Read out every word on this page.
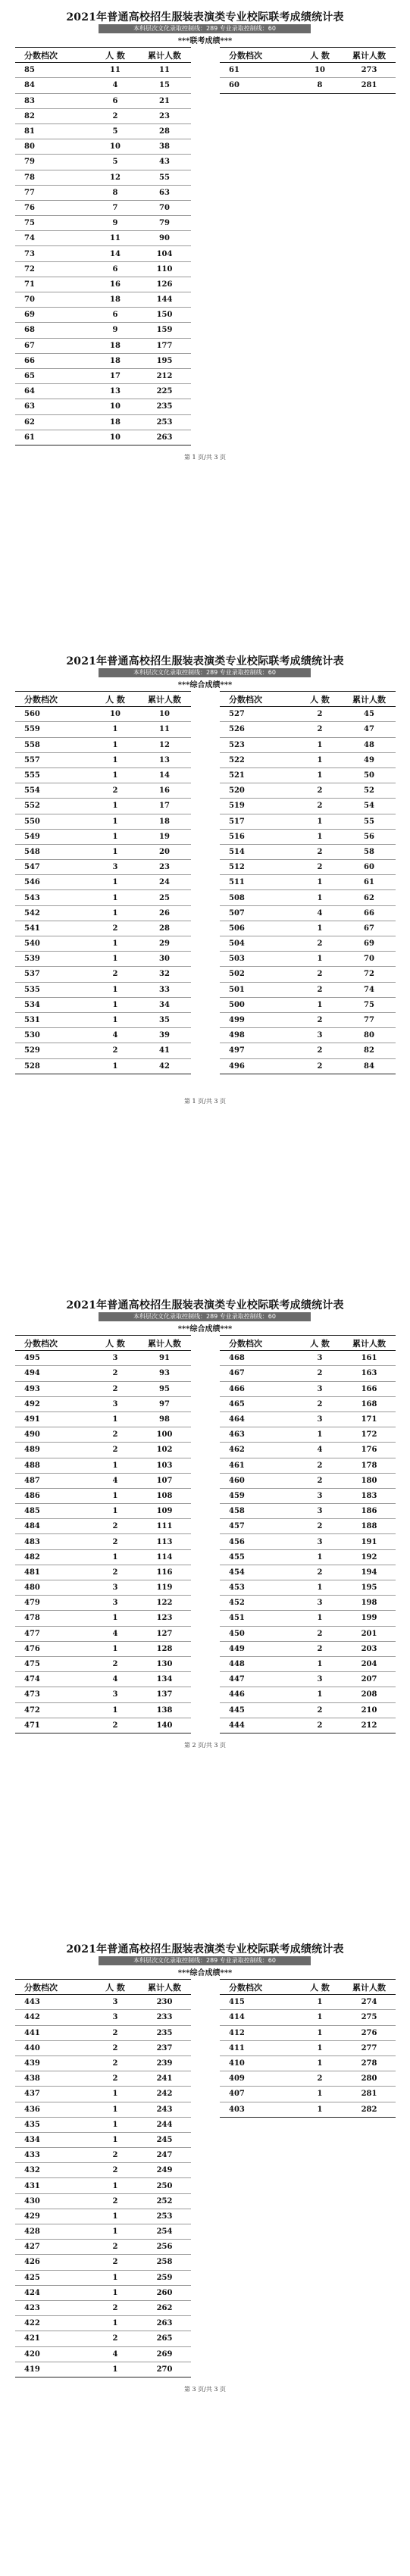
2021年普通高校招生服装表演类专业校际联考成绩统计表
本科层次文化录取控制线：289 专业录取控制线：60
***联考成绩***
分数档次	人 数	累计人数
85	11	11
84	4	15
83	6	21
82	2	23
81	5	28
80	10	38
79	5	43
78	12	55
77	8	63
76	7	70
75	9	79
74	11	90
73	14	104
72	6	110
71	16	126
70	18	144
69	6	150
68	9	159
67	18	177
66	18	195
65	17	212
64	13	225
63	10	235
62	18	253
61	10	263
分数档次	人 数	累计人数
61	10	273
60	8	281
第 1 页/共 3 页
2021年普通高校招生服装表演类专业校际联考成绩统计表
本科层次文化录取控制线：289 专业录取控制线：60
***综合成绩***
分数档次	人 数	累计人数
560	10	10
559	1	11
558	1	12
557	1	13
555	1	14
554	2	16
552	1	17
550	1	18
549	1	19
548	1	20
547	3	23
546	1	24
543	1	25
542	1	26
541	2	28
540	1	29
539	1	30
537	2	32
535	1	33
534	1	34
531	1	35
530	4	39
529	2	41
528	1	42
分数档次	人 数	累计人数
527	2	45
526	2	47
523	1	48
522	1	49
521	1	50
520	2	52
519	2	54
517	1	55
516	1	56
514	2	58
512	2	60
511	1	61
508	1	62
507	4	66
506	1	67
504	2	69
503	1	70
502	2	72
501	2	74
500	1	75
499	2	77
498	3	80
497	2	82
496	2	84
第 1 页/共 3 页
2021年普通高校招生服装表演类专业校际联考成绩统计表
本科层次文化录取控制线：289 专业录取控制线：60
***综合成绩***
分数档次	人 数	累计人数
495	3	91
494	2	93
493	2	95
492	3	97
491	1	98
490	2	100
489	2	102
488	1	103
487	4	107
486	1	108
485	1	109
484	2	111
483	2	113
482	1	114
481	2	116
480	3	119
479	3	122
478	1	123
477	4	127
476	1	128
475	2	130
474	4	134
473	3	137
472	1	138
471	2	140
分数档次	人 数	累计人数
468	3	161
467	2	163
466	3	166
465	2	168
464	3	171
463	1	172
462	4	176
461	2	178
460	2	180
459	3	183
458	3	186
457	2	188
456	3	191
455	1	192
454	2	194
453	1	195
452	3	198
451	1	199
450	2	201
449	2	203
448	1	204
447	3	207
446	1	208
445	2	210
444	2	212
第 2 页/共 3 页
2021年普通高校招生服装表演类专业校际联考成绩统计表
本科层次文化录取控制线：289 专业录取控制线：60
***综合成绩***
分数档次	人 数	累计人数
443	3	230
442	3	233
441	2	235
440	2	237
439	2	239
438	2	241
437	1	242
436	1	243
435	1	244
434	1	245
433	2	247
432	2	249
431	1	250
430	2	252
429	1	253
428	1	254
427	2	256
426	2	258
425	1	259
424	1	260
423	2	262
422	1	263
421	2	265
420	4	269
419	1	270
分数档次	人 数	累计人数
415	1	274
414	1	275
412	1	276
411	1	277
410	1	278
409	2	280
407	1	281
403	1	282
第 3 页/共 3 页
